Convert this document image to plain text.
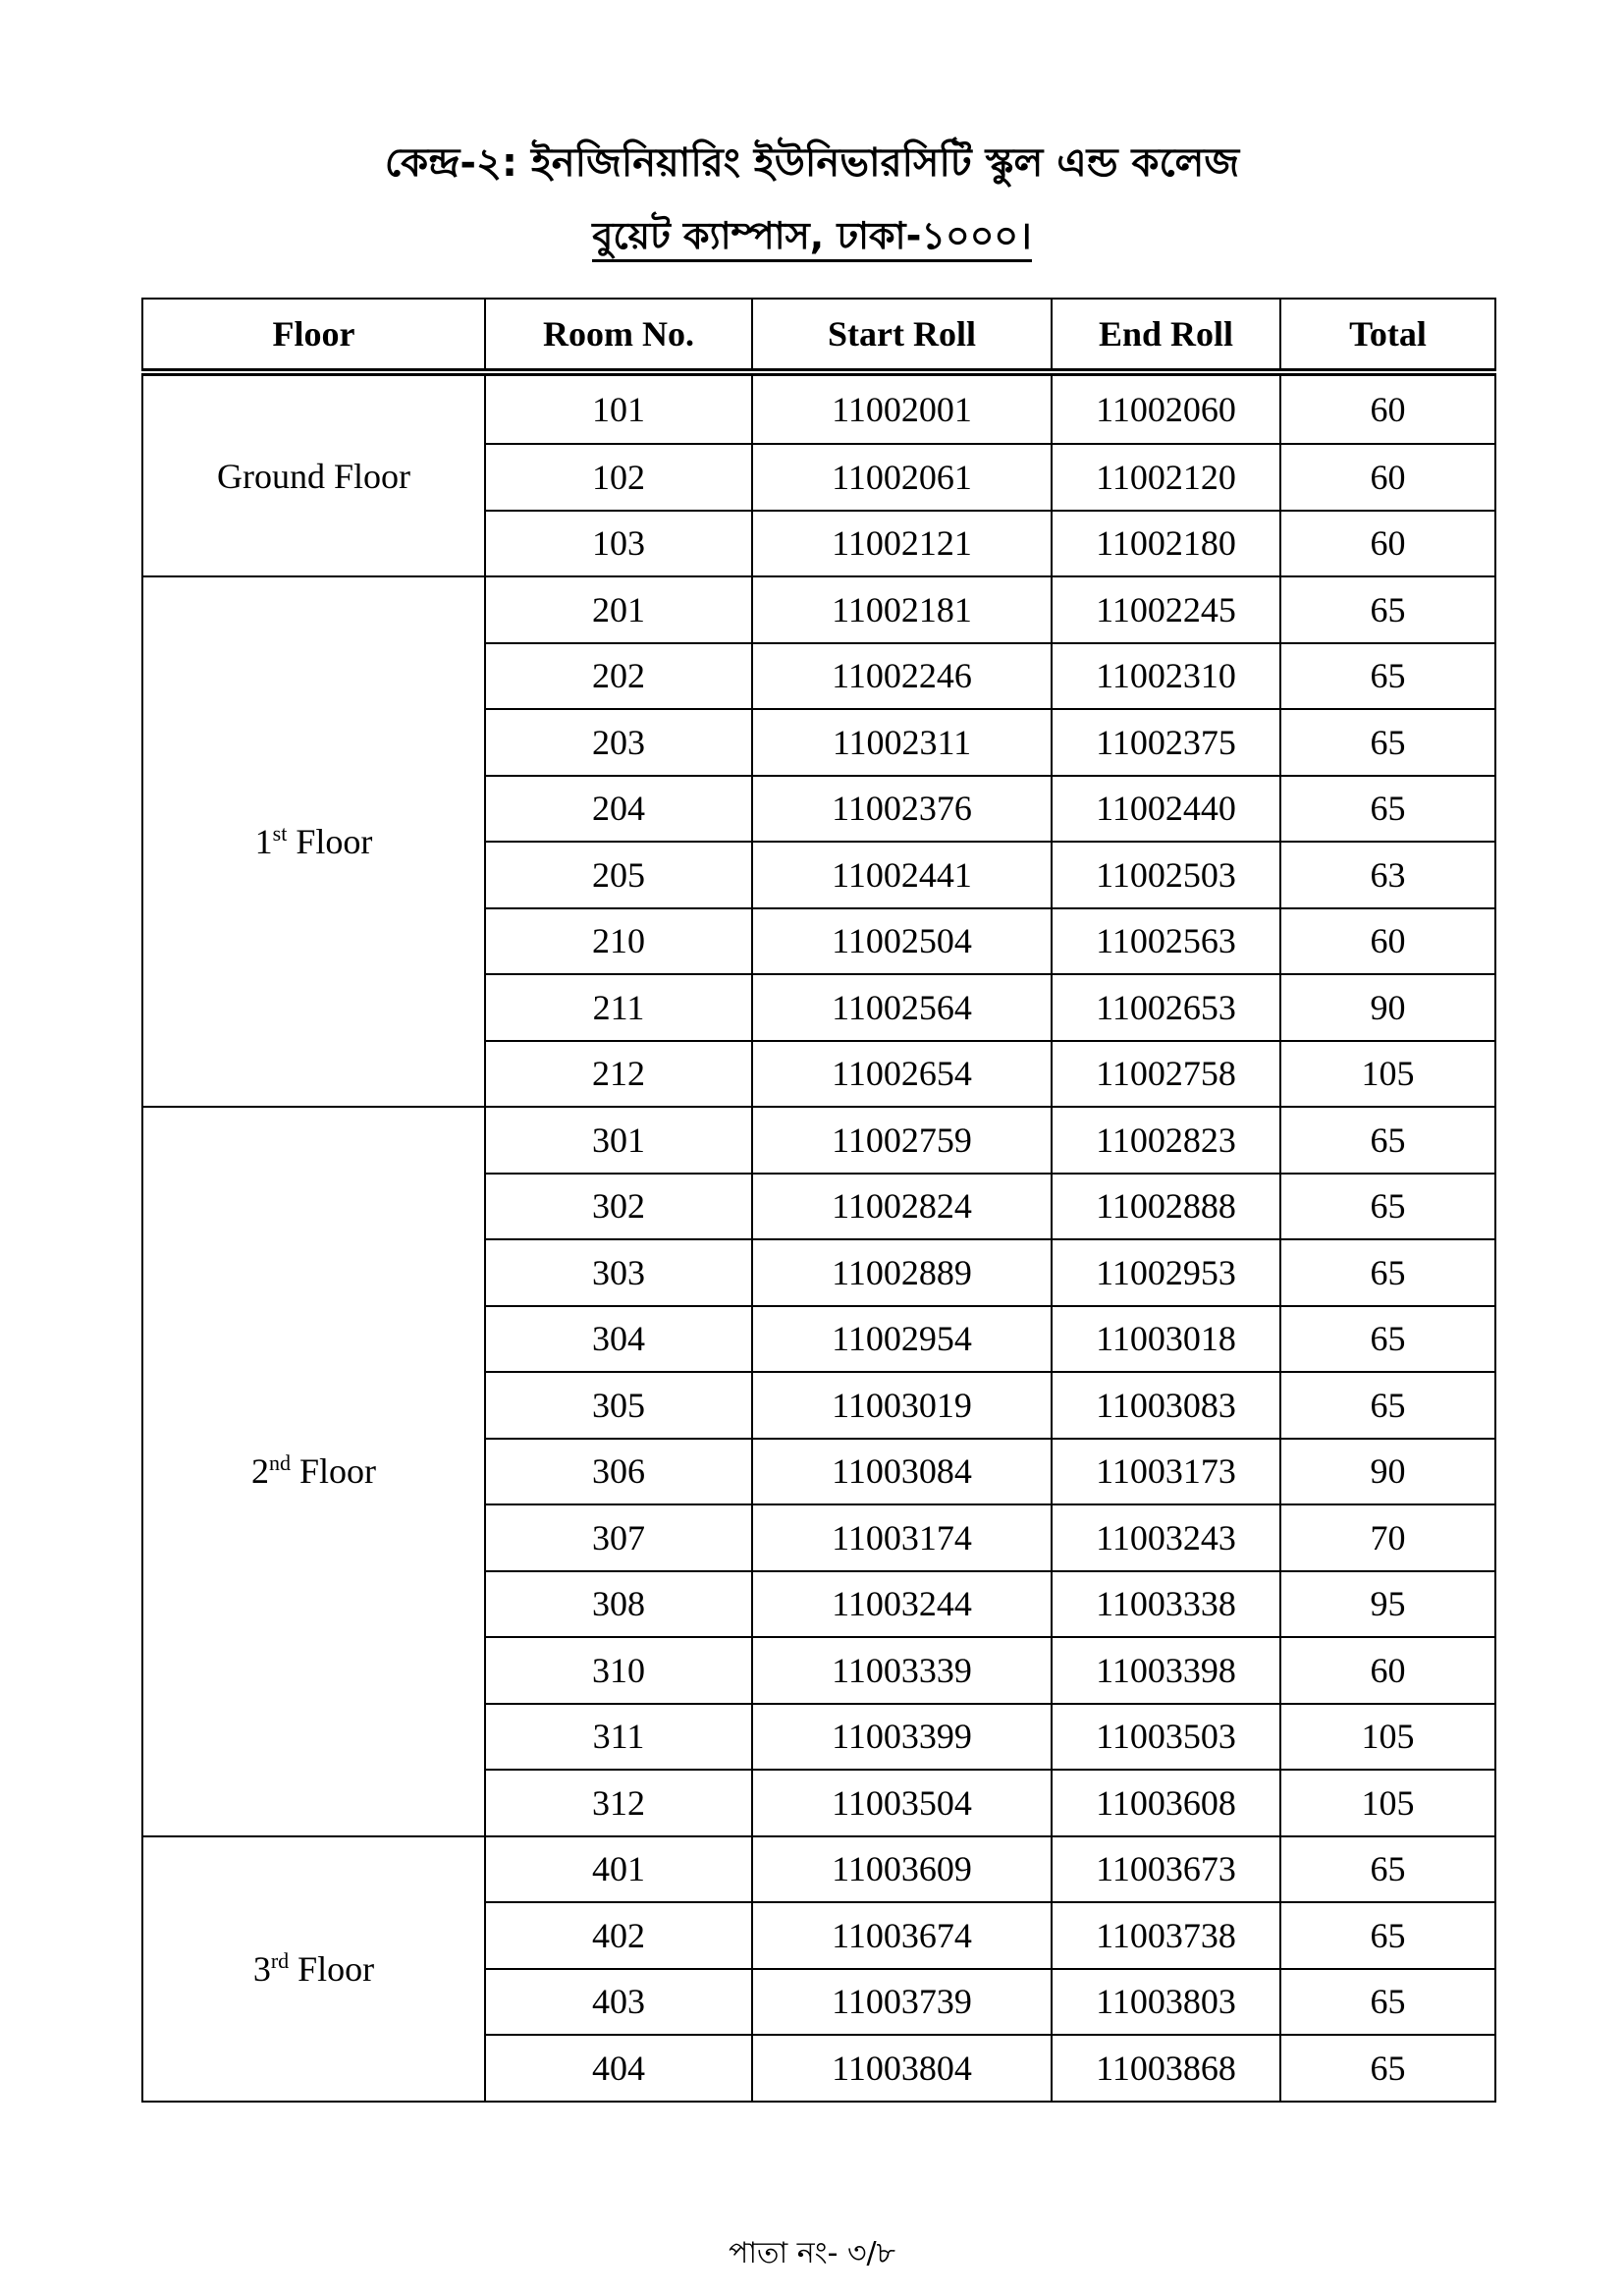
কেন্দ্র-২: ইনজিনিয়ারিং ইউনিভারসিটি স্কুল এন্ড কলেজ
বুয়েট ক্যাম্পাস, ঢাকা-১০০০।
Floor	Room No.	Start Roll	End Roll	Total
Ground Floor	101	11002001	11002060	60
	102	11002061	11002120	60
	103	11002121	11002180	60
1st Floor	201	11002181	11002245	65
	202	11002246	11002310	65
	203	11002311	11002375	65
	204	11002376	11002440	65
	205	11002441	11002503	63
	210	11002504	11002563	60
	211	11002564	11002653	90
	212	11002654	11002758	105
2nd Floor	301	11002759	11002823	65
	302	11002824	11002888	65
	303	11002889	11002953	65
	304	11002954	11003018	65
	305	11003019	11003083	65
	306	11003084	11003173	90
	307	11003174	11003243	70
	308	11003244	11003338	95
	310	11003339	11003398	60
	311	11003399	11003503	105
	312	11003504	11003608	105
3rd Floor	401	11003609	11003673	65
	402	11003674	11003738	65
	403	11003739	11003803	65
	404	11003804	11003868	65
পাতা নং- ৩/৮
